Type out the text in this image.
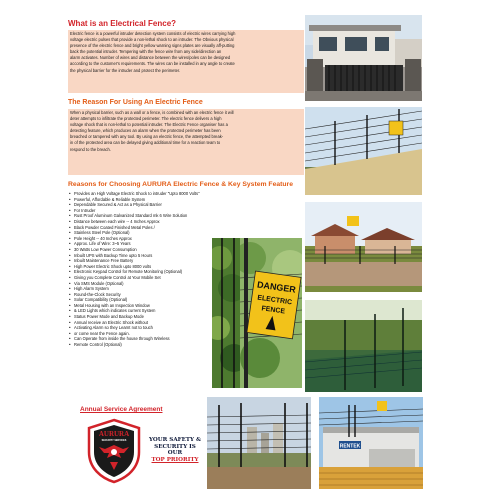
What is an Electrical Fence?
Electric fence is a powerful intruder detection system consists of electric wires carrying high
voltage electric pulses that provide a non-lethal shock to an intruder. The Obvious physical
presence of the electric fence and bright yellow warning signs plates are visually aff-putting
back the potential intruder. Tempering with the fence wire from any side/direction an
alarm activates. Number of wires and distance between the wires/poles can be designed
according to the customer's requirements. The wires can be installed in any angle to create
the physical barrier for the intruder and protect the perimeter.
The Reason For Using An Electric Fence
When a physical barrier, such as a wall or a fence, is combined with an electric fence it will
deter attempts to infiltrate the protected perimeter. The electric fence delivers a high
voltage shock that is non-lethal to potential intruder. The Electric Fence organiser has a
detecting feature, which produces an alarm when the protected perimeter has been
breached or tampered with any tool. By using an electric fence, the attempted break-
in of the protected area can be delayed giving additional time for a reaction team to
respond to the breach.
Reasons for Choosing AURURA Electric Fence & Key System Feature
• Provides an High Voltage Electric Shock to intruder "Upto 8000 Volts"
• Powerful, Affordable & Reliable System
• Dependable Secured & Act as a Physical Barrier
• For Intruder
• Rust Proof Aluminum Galvanized Standard mk 6 Wire Solution
• Distance between each wire -- 4 Inches Approx
• Black Powder Coated Finished Metal Poles /
• Stainless Steel Pole (Optional)
• Pole Height -- 40 Inches Approx
• Approx. Life of Wire: 3~5 Years
• 30 Watts Low Power Consumption
• Inbuilt UPS with Backup Time upto 5 Hours
• Inbuilt Maintenance Free Battery
• High Power Electric Shock upto 8000 volts
• Electronic Keypad Control for Remote Monitoring (Optional)
• Giving you Complete Control at Your Mobile Set
• Via SMS Module (Optional)
• High Alarm System
• Round-the-Clock Security
• Solar Compatibility (Optional)
• Metal Housing with an Inspection Window
• & LED Lights which indicates current System
• Status Power Mode and Backup Mode
• Annual receive an Electric Shock without
• Activating Alarm so they Learnt not to touch
• or come near the Fence again.
• Can Operate from inside the house through Wireless
• Remote Control (Optional)
DANGER
ELECTRIC
FENCE
RENTEK
Annual Service Agreement
AURURA
SECURITY SERVICES	YOUR SAFETY &
SECURITY IS
OUR
TOP PRIORITY
